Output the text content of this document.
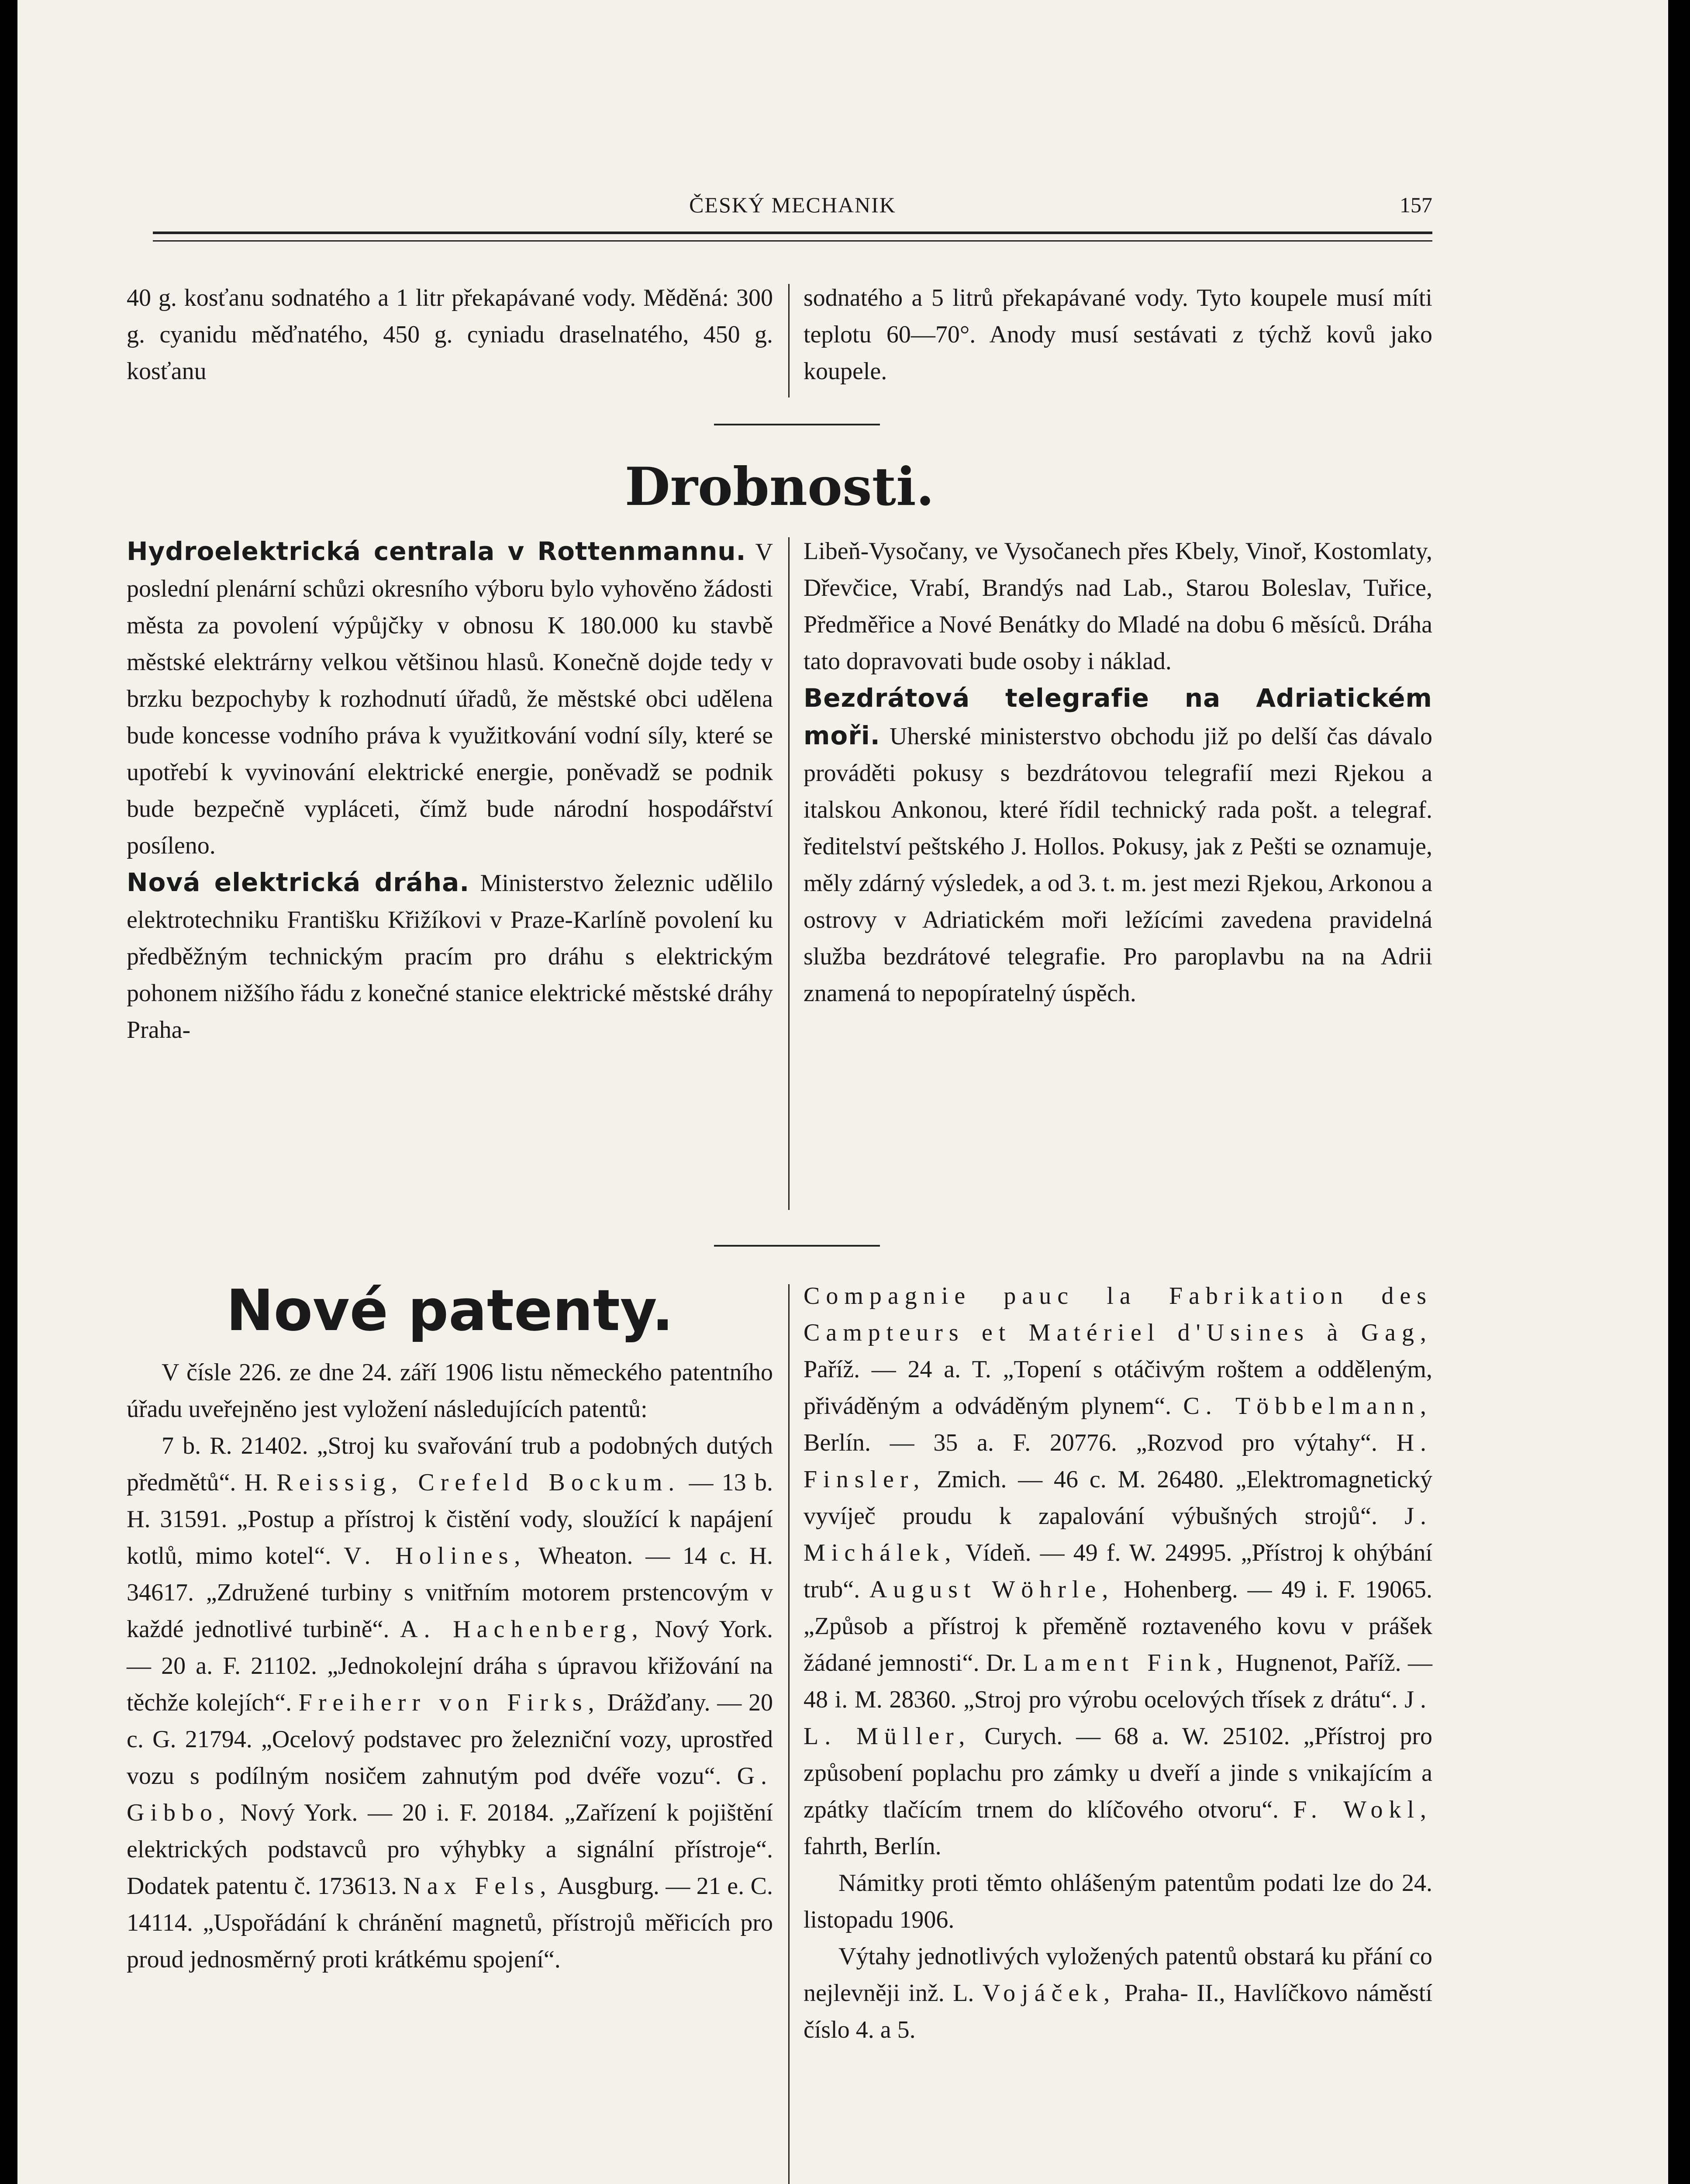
ČESKÝ MECHANIK	157

40 g. kosťanu sodnatého a 1 litr překapávané vody. Měděná: 300 g. cyanidu měďnatého, 450 g. cyniadu draselnatého, 450 g. kosťanu

sodnatého a 5 litrů překapávané vody. Tyto koupele musí míti teplotu 60—70°. Anody musí sestávati z týchž kovů jako koupele.

Drobnosti.

Hydroelektrická centrala v Rottenmannu. V poslední plenární schůzi okresního výboru bylo vyhověno žádosti města za povolení výpůjčky v obnosu K 180.000 ku stavbě městské elektrárny velkou většinou hlasů. Konečně dojde tedy v brzku bezpochyby k rozhodnutí úřadů, že městské obci udělena bude koncesse vodního práva k využitkování vodní síly, které se upotřebí k vyvinování elektrické energie, poněvadž se podnik bude bezpečně vypláceti, čímž bude národní hospodářství posíleno.

Nová elektrická dráha. Ministerstvo železnic udělilo elektrotechniku Františku Křižíkovi v Praze-Karlíně povolení ku předběžným technickým pracím pro dráhu s elektrickým pohonem nižšího řádu z konečné stanice elektrické městské dráhy Praha-

Libeň-Vysočany, ve Vysočanech přes Kbely, Vinoř, Kostomlaty, Dřevčice, Vrabí, Brandýs nad Lab., Starou Boleslav, Tuřice, Předměřice a Nové Benátky do Mladé na dobu 6 měsíců. Dráha tato dopravovati bude osoby i náklad.

Bezdrátová telegrafie na Adriatickém moři. Uherské ministerstvo obchodu již po delší čas dávalo prováděti pokusy s bezdrátovou telegrafií mezi Rjekou a italskou Ankonou, které řídil technický rada pošt. a telegraf. ředitelství peštského J. Hollos. Pokusy, jak z Pešti se oznamuje, měly zdárný výsledek, a od 3. t. m. jest mezi Rjekou, Arkonou a ostrovy v Adriatickém moři ležícími zavedena pravidelná služba bezdrátové telegrafie. Pro paroplavbu na na Adrii znamená to nepopíratelný úspěch.

Nové patenty.

V čísle 226. ze dne 24. září 1906 listu německého patentního úřadu uveřejněno jest vyložení následujících patentů:

7 b. R. 21402. „Stroj ku svařování trub a podobných dutých předmětů“. H. Reissig, Crefeld Bockum. — 13 b. H. 31591. „Postup a přístroj k čistění vody, sloužící k napájení kotlů, mimo kotel“. V. Holines, Wheaton. — 14 c. H. 34617. „Združené turbiny s vnitřním motorem prstencovým v každé jednotlivé turbině“. A. Hachenberg, Nový York. — 20 a. F. 21102. „Jednokolejní dráha s úpravou křižování na těchže kolejích“. Freiherr von Firks, Drážďany. — 20 c. G. 21794. „Ocelový podstavec pro železniční vozy, uprostřed vozu s podílným nosičem zahnutým pod dvéře vozu“. G. Gibbo, Nový York. — 20 i. F. 20184. „Zařízení k pojištění elektrických podstavců pro výhybky a signální přístroje“. Dodatek patentu č. 173613. Nax Fels, Ausgburg. — 21 e. C. 14114. „Uspořádání k chránění magnetů, přístrojů měřicích pro proud jednosměrný proti krátkému spojení“.

Compagnie pauc la Fabrikation des Campteurs et Matériel d'Usines à Gag, Paříž. — 24 a. T. „Topení s otáčivým roštem a odděleným, přiváděným a odváděným plynem“. C. Többelmann, Berlín. — 35 a. F. 20776. „Rozvod pro výtahy“. H. Finsler, Zmich. — 46 c. M. 26480. „Elektromagnetický vyvíječ proudu k zapalování výbušných strojů“. J. Michálek, Vídeň. — 49 f. W. 24995. „Přístroj k ohýbání trub“. August Wöhrle, Hohenberg. — 49 i. F. 19065. „Způsob a přístroj k přeměně roztaveného kovu v prášek žádané jemnosti“. Dr. Lament Fink, Hugnenot, Paříž. — 48 i. M. 28360. „Stroj pro výrobu ocelových třísek z drátu“. J. L. Müller, Curych. — 68 a. W. 25102. „Přístroj pro způsobení poplachu pro zámky u dveří a jinde s vnikajícím a zpátky tlačícím trnem do klíčového otvoru“. F. Wokl, fahrth, Berlín.

Námitky proti těmto ohlášeným patentům podati lze do 24. listopadu 1906.

Výtahy jednotlivých vyložených patentů obstará ku přání co nejlevněji inž. L. Vojáček, Praha- II., Havlíčkovo náměstí číslo 4. a 5.
